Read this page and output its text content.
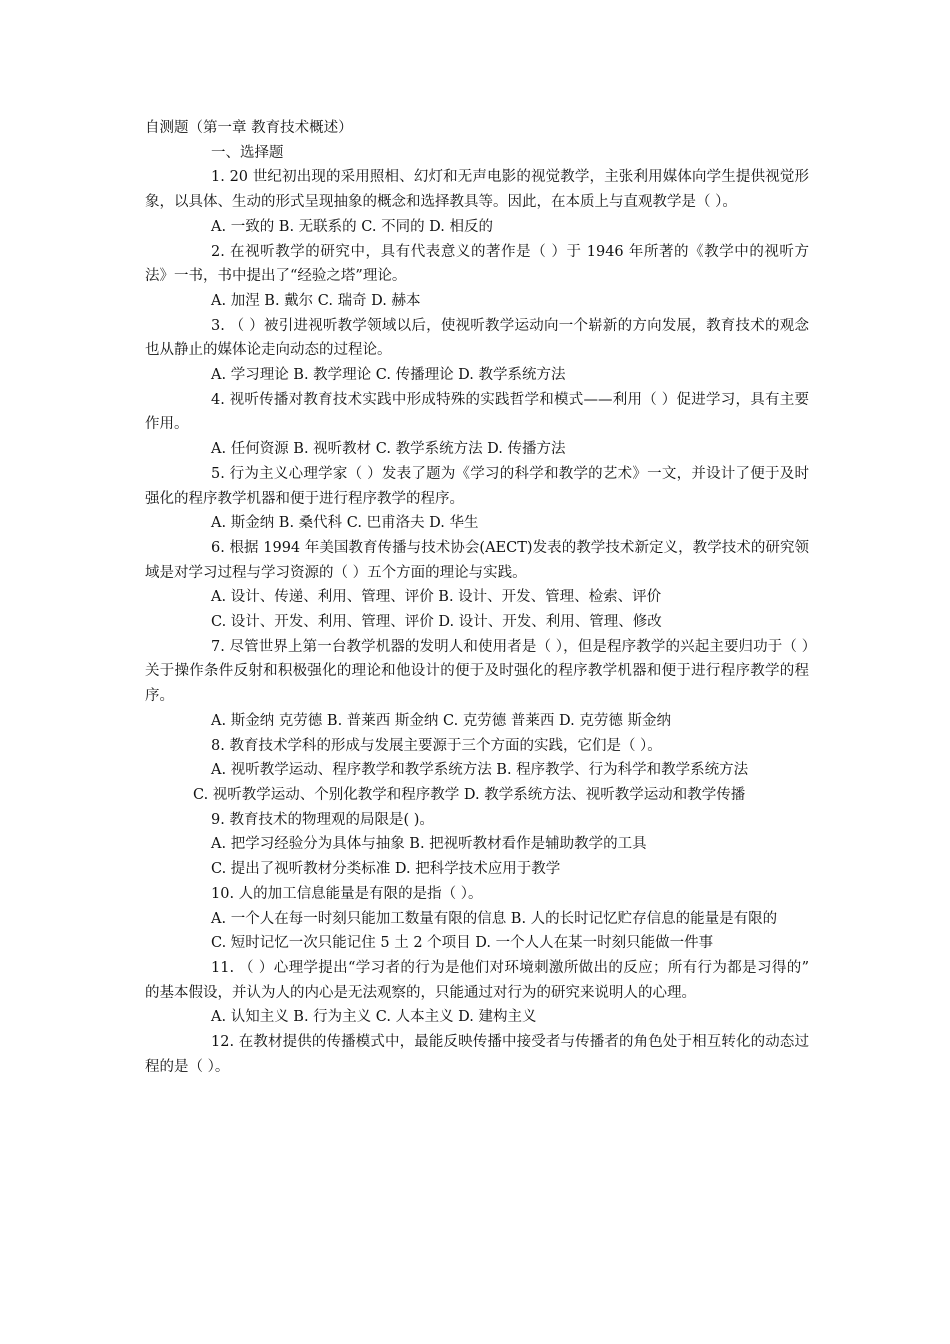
自测题（第一章 教育技术概述）

一、选择题

1. 20 世纪初出现的采用照相、幻灯和无声电影的视觉教学，主张利用媒体向学生提供视觉形象，以具体、生动的形式呈现抽象的概念和选择教具等。因此，在本质上与直观教学是（ ）。

A. 一致的 B. 无联系的 C. 不同的 D. 相反的

2. 在视听教学的研究中，具有代表意义的著作是（ ）于 1946 年所著的《教学中的视听方法》一书，书中提出了“经验之塔”理论。

A. 加涅 B. 戴尔 C. 瑞奇 D. 赫本

3. （ ）被引进视听教学领域以后，使视听教学运动向一个崭新的方向发展，教育技术的观念也从静止的媒体论走向动态的过程论。

A. 学习理论 B. 教学理论 C. 传播理论 D. 教学系统方法

4. 视听传播对教育技术实践中形成特殊的实践哲学和模式——利用（ ）促进学习，具有主要作用。

A. 任何资源 B. 视听教材 C. 教学系统方法 D. 传播方法

5. 行为主义心理学家（ ）发表了题为《学习的科学和教学的艺术》一文，并设计了便于及时强化的程序教学机器和便于进行程序教学的程序。

A. 斯金纳 B. 桑代科 C. 巴甫洛夫 D. 华生

6. 根据 1994 年美国教育传播与技术协会(AECT)发表的教学技术新定义，教学技术的研究领域是对学习过程与学习资源的（ ）五个方面的理论与实践。

A. 设计、传递、利用、管理、评价 B. 设计、开发、管理、检索、评价

C. 设计、开发、利用、管理、评价 D. 设计、开发、利用、管理、修改

7. 尽管世界上第一台教学机器的发明人和使用者是（ ），但是程序教学的兴起主要归功于（ ）关于操作条件反射和积极强化的理论和他设计的便于及时强化的程序教学机器和便于进行程序教学的程序。

A. 斯金纳 克劳德 B. 普莱西 斯金纳 C. 克劳德 普莱西 D. 克劳德 斯金纳

8. 教育技术学科的形成与发展主要源于三个方面的实践，它们是（ ）。

A. 视听教学运动、程序教学和教学系统方法 B. 程序教学、行为科学和教学系统方法

C. 视听教学运动、个别化教学和程序教学 D. 教学系统方法、视听教学运动和教学传播

9. 教育技术的物理观的局限是( )。

A. 把学习经验分为具体与抽象 B. 把视听教材看作是辅助教学的工具

C. 提出了视听教材分类标准 D. 把科学技术应用于教学

10. 人的加工信息能量是有限的是指（ ）。

A. 一个人在每一时刻只能加工数量有限的信息 B. 人的长时记忆贮存信息的能量是有限的

C. 短时记忆一次只能记住 5 土 2 个项目 D. 一个人人在某一时刻只能做一件事

11. （ ）心理学提出“学习者的行为是他们对环境刺激所做出的反应；所有行为都是习得的” 的基本假设，并认为人的内心是无法观察的，只能通过对行为的研究来说明人的心理。

A. 认知主义 B. 行为主义 C. 人本主义 D. 建构主义

12. 在教材提供的传播模式中，最能反映传播中接受者与传播者的角色处于相互转化的动态过程的是（ ）。
